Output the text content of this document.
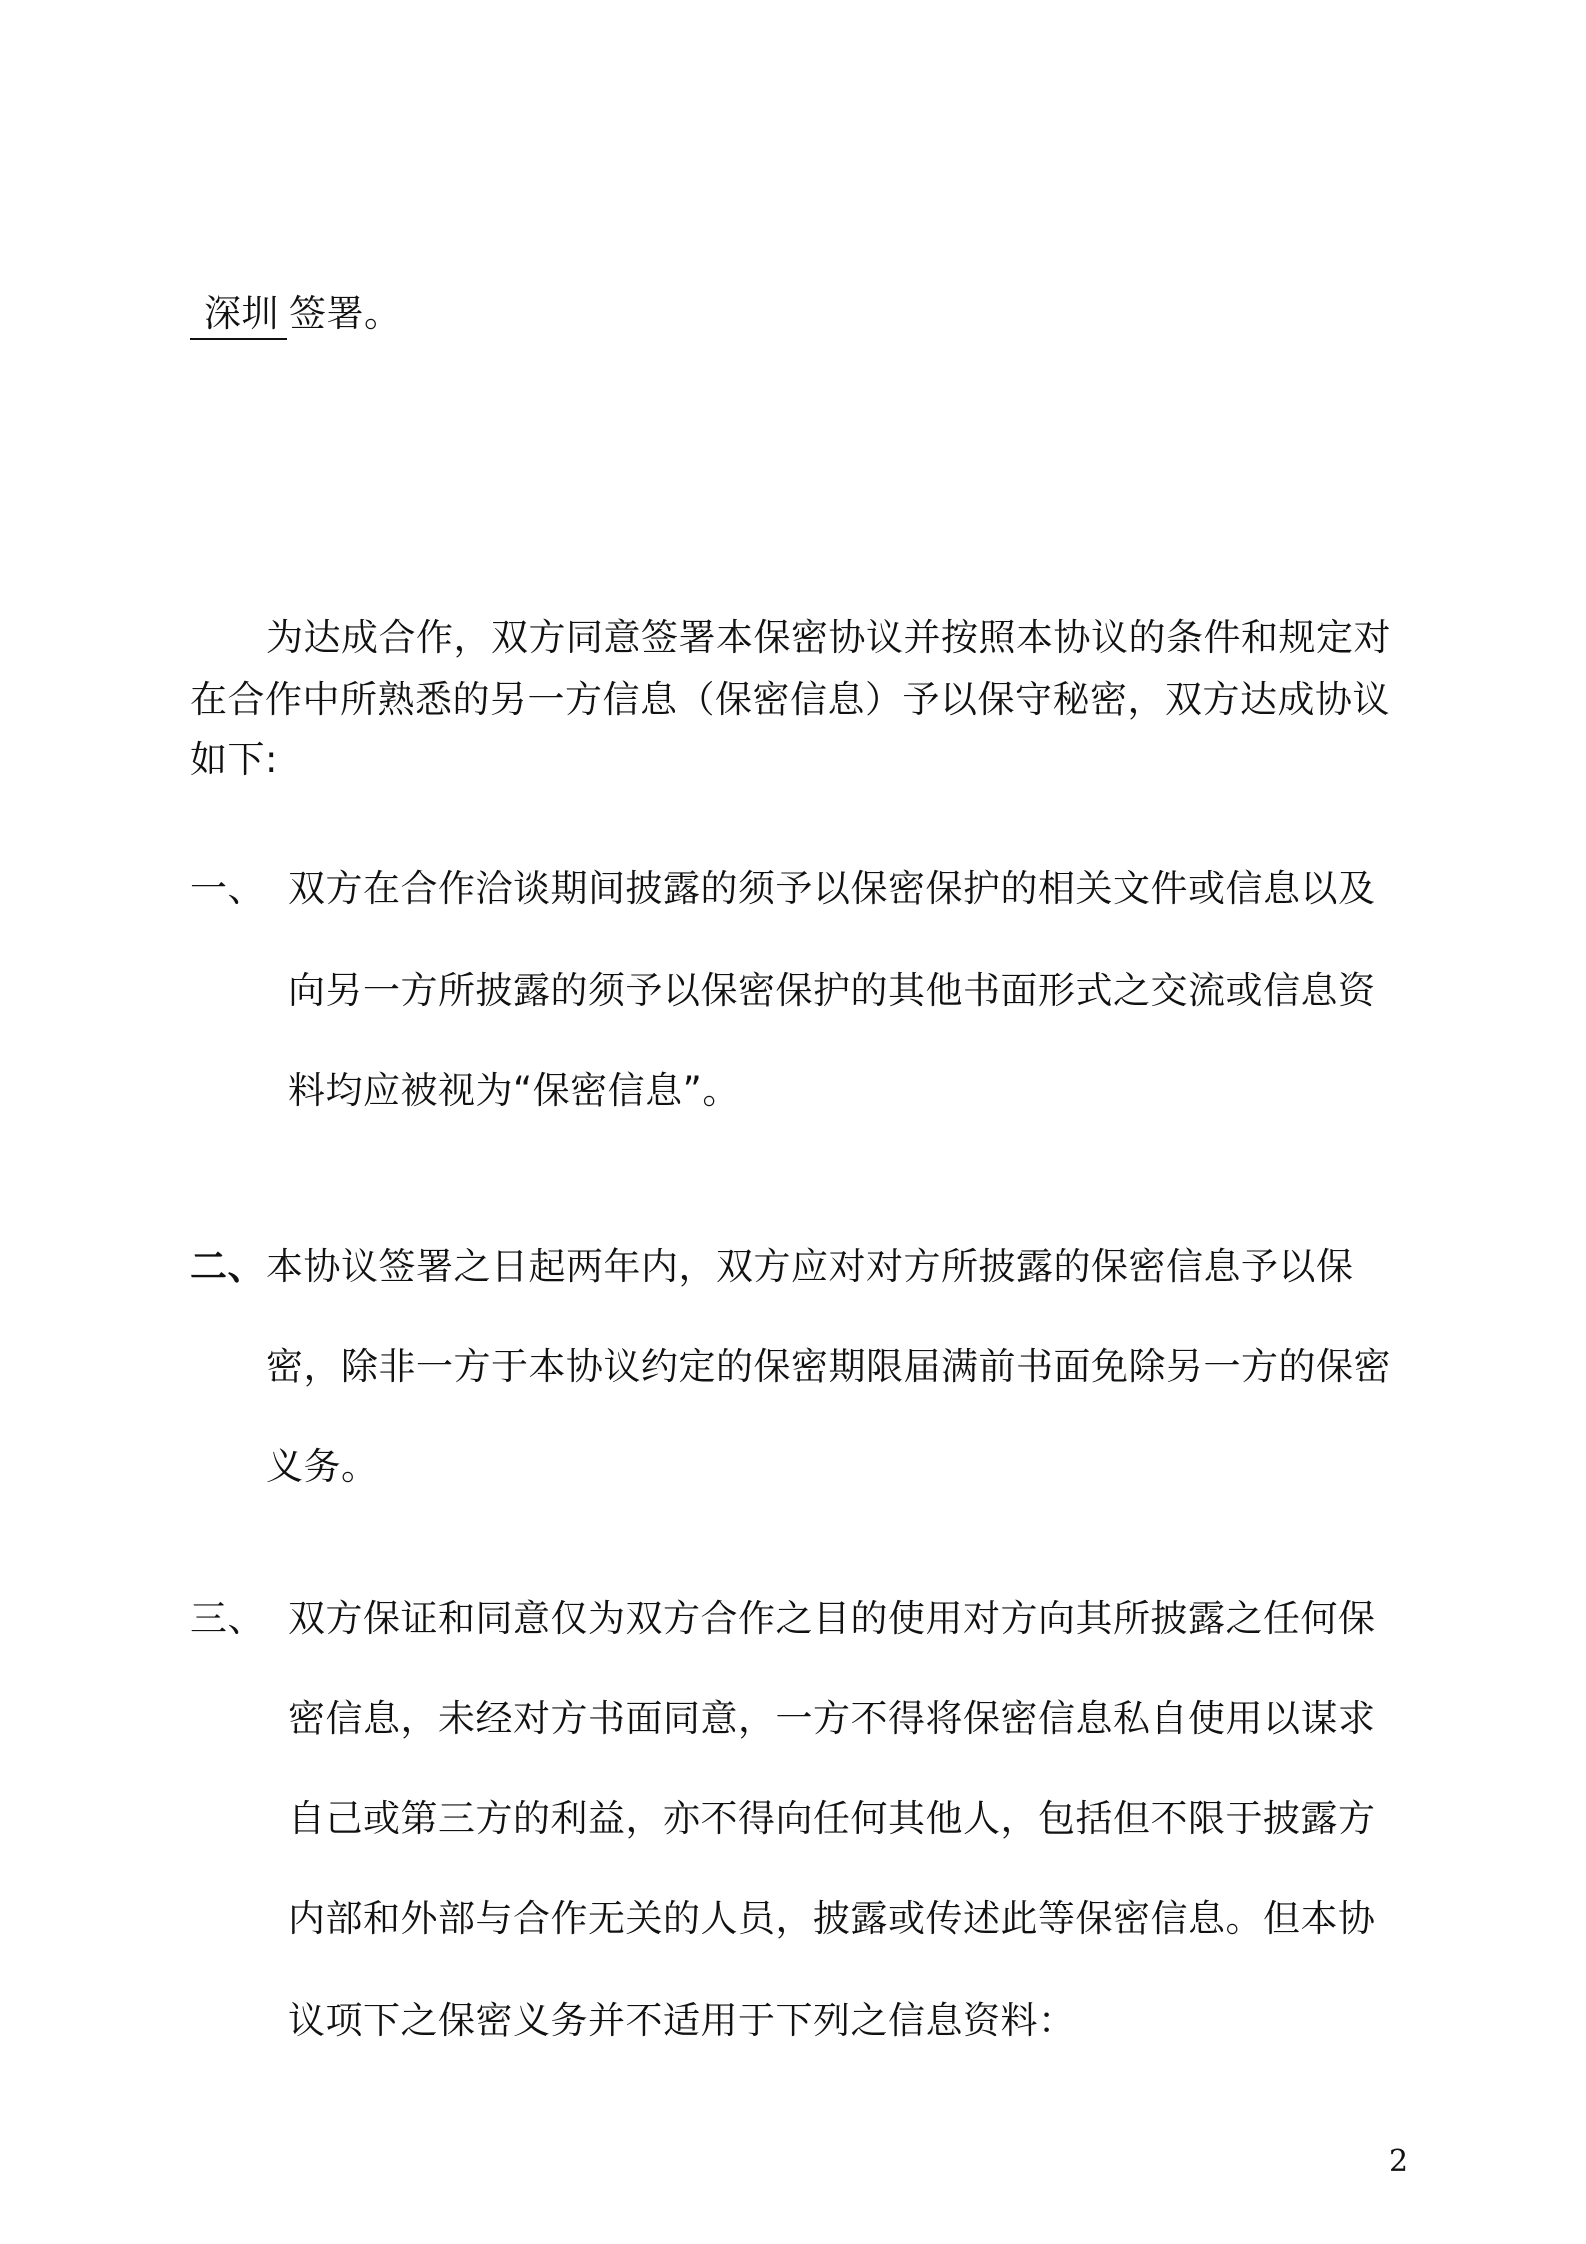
深圳 签署。
为达成合作，双方同意签署本保密协议并按照本协议的条件和规定对
在合作中所熟悉的另一方信息（保密信息）予以保守秘密，双方达成协议
如下:
一、 双方在合作洽谈期间披露的须予以保密保护的相关文件或信息以及
向另一方所披露的须予以保密保护的其他书面形式之交流或信息资
料均应被视为“保密信息”。
二、 本协议签署之日起两年内，双方应对对方所披露的保密信息予以保
密，除非一方于本协议约定的保密期限届满前书面免除另一方的保密
义务。
三、 双方保证和同意仅为双方合作之目的使用对方向其所披露之任何保
密信息，未经对方书面同意，一方不得将保密信息私自使用以谋求
自己或第三方的利益，亦不得向任何其他人，包括但不限于披露方
内部和外部与合作无关的人员，披露或传述此等保密信息。但本协
议项下之保密义务并不适用于下列之信息资料：
2
